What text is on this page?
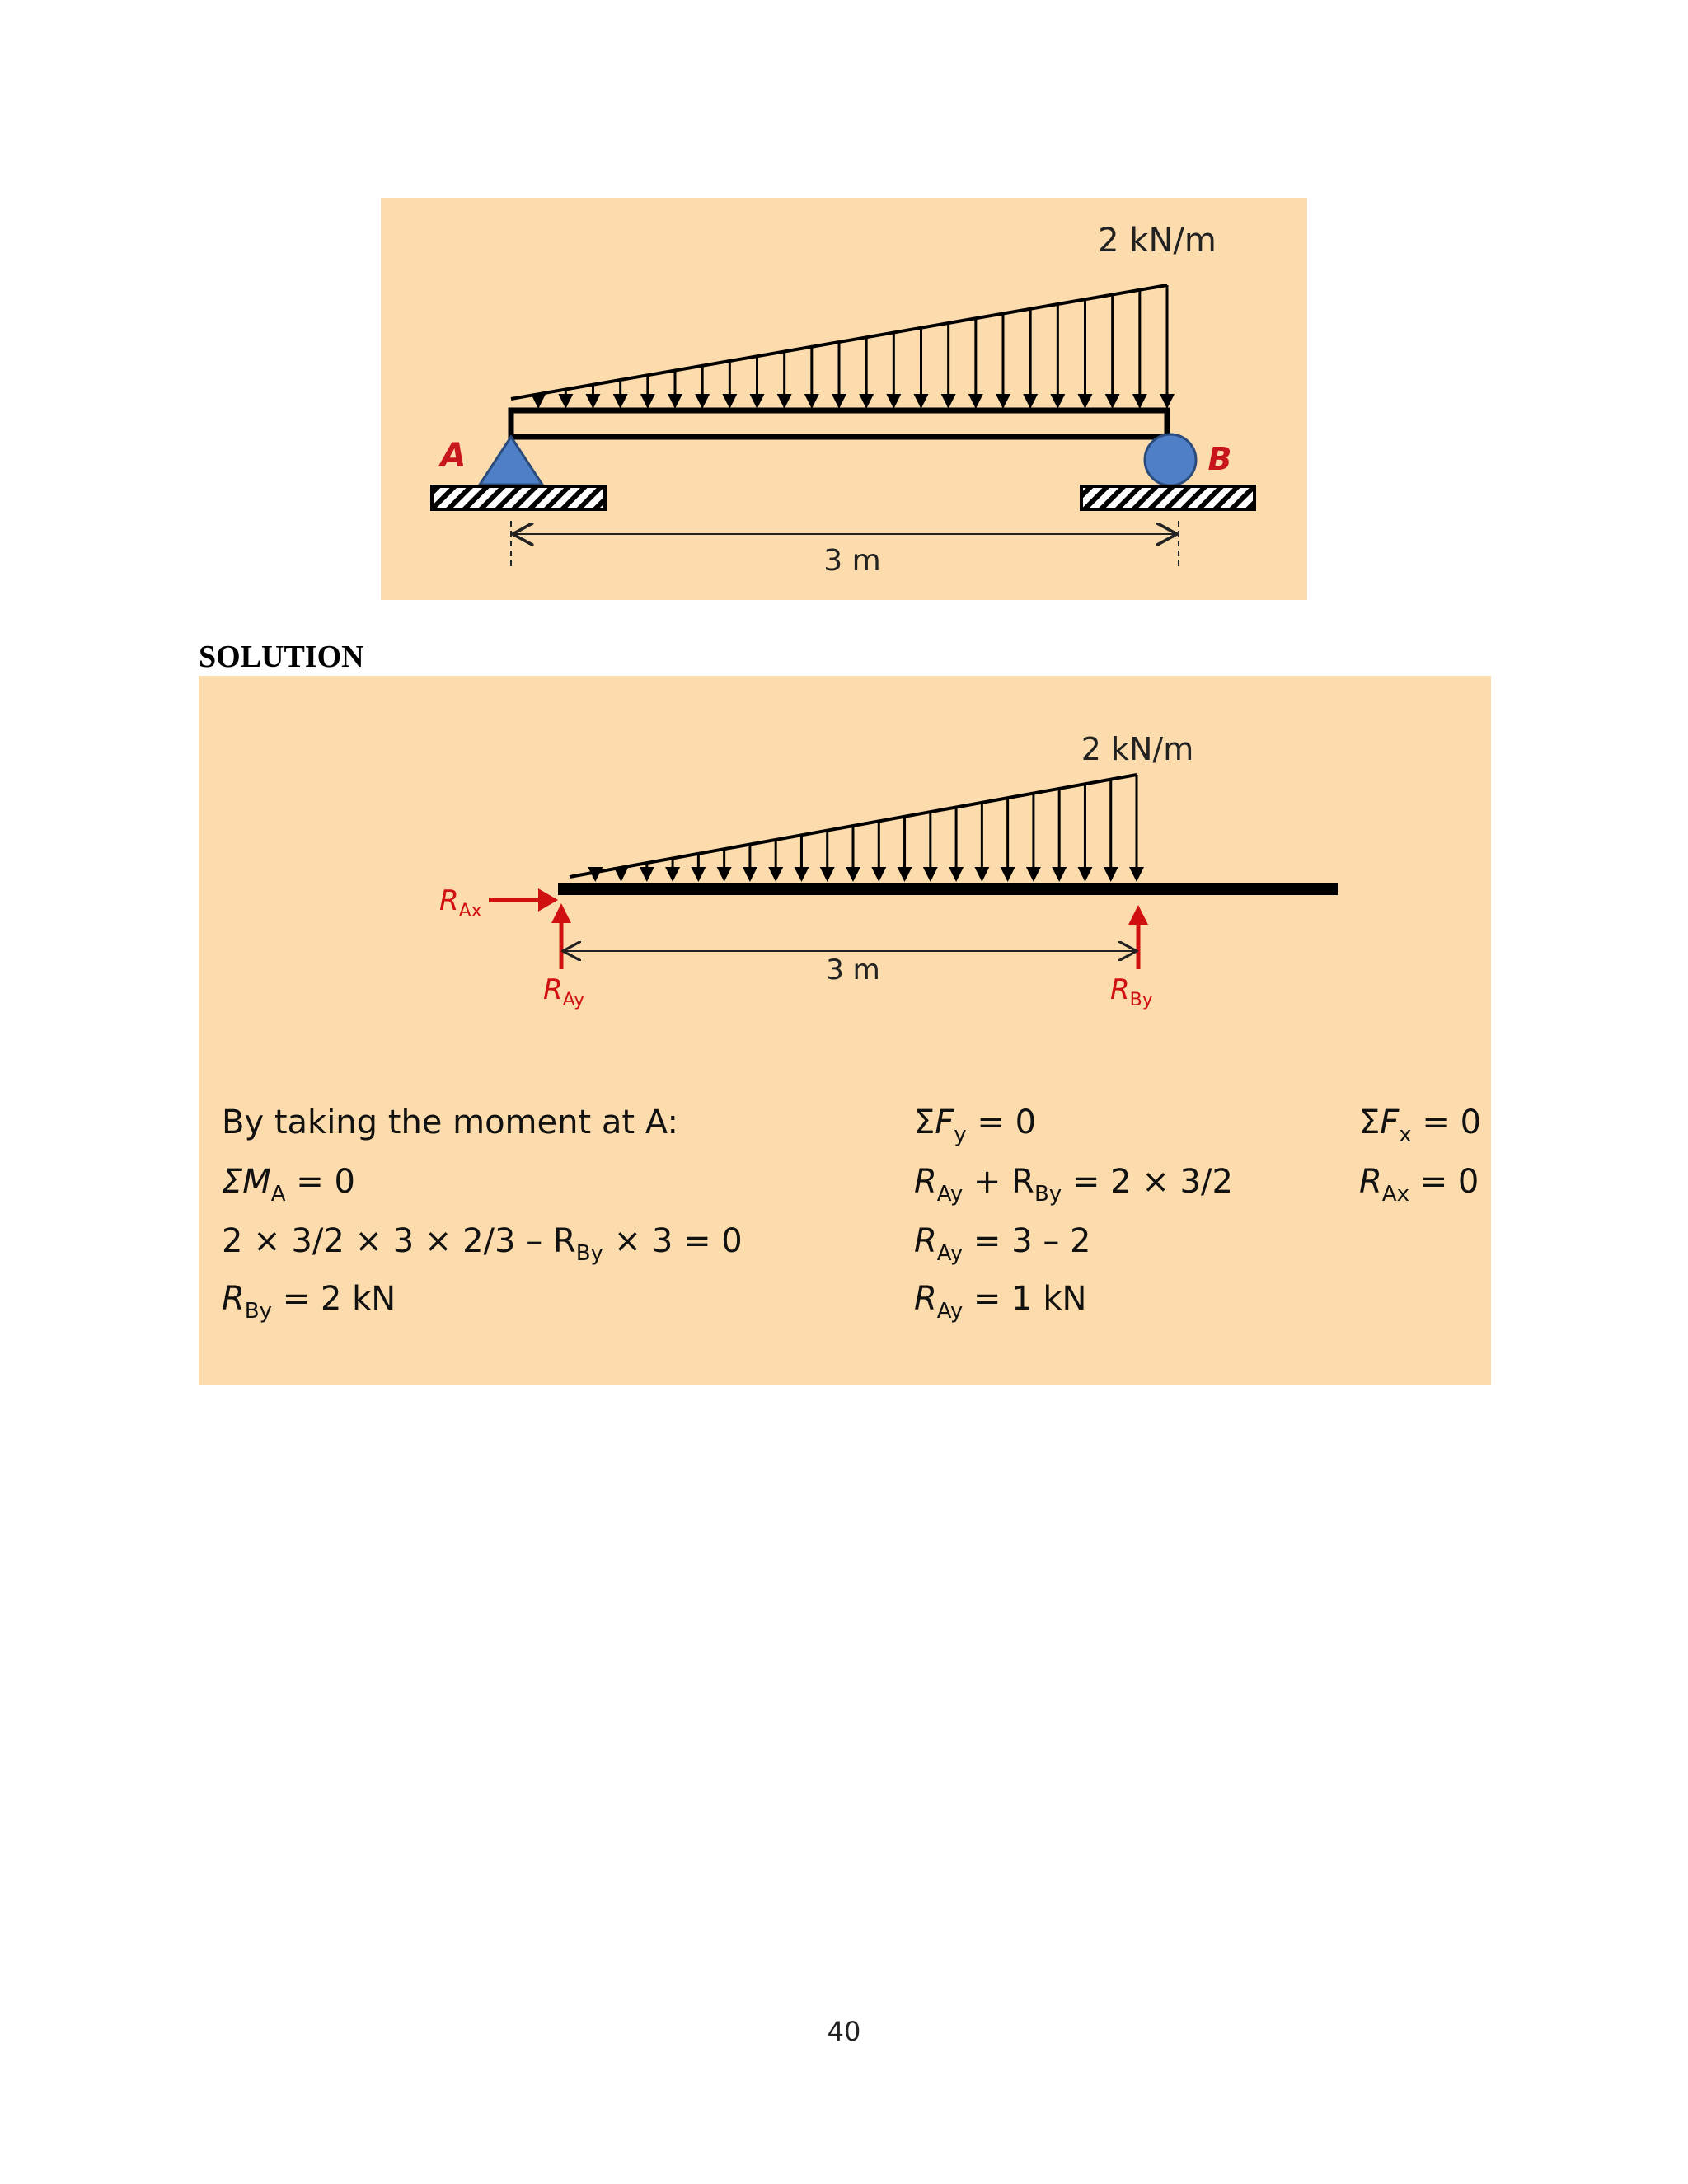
A	B
2 kN/m
3 m
SOLUTION
3 m
2 kN/m
RAx
RAy	RBy
By taking the moment at A:
$\Sigma M_A = 0$
$2 \times 3/2 \times 3 \times 2/3 - R_{By} \times 3 = 0$
$R_{By} = 2$ kN
$\Sigma F_y = 0$
$R_{Ay} + R_{By} = 2 \times 3/2$
$R_{Ay} = 3 - 2$
$R_{Ay} = 1$ kN
$\Sigma F_x = 0$
$R_{Ax} = 0$
40
